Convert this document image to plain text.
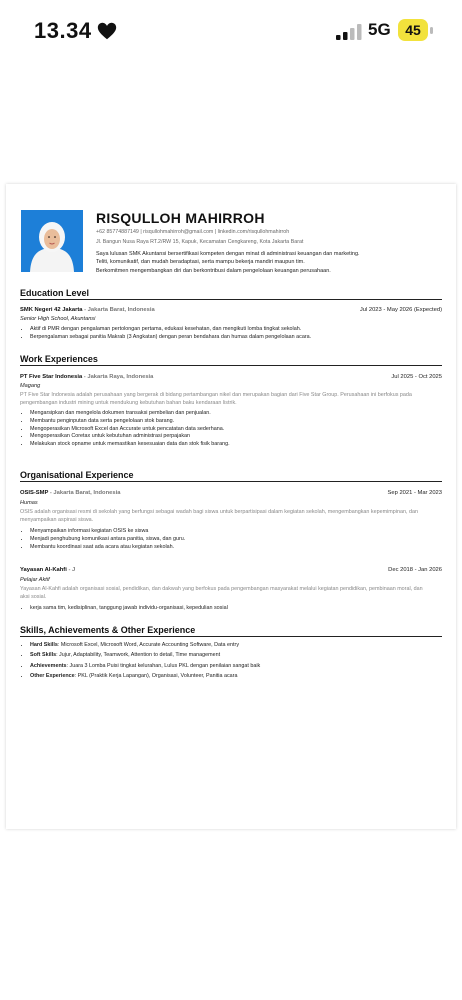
13.34	5G	45
RISQULLOH MAHIRROH
+62 85774887149 | risqullohmahirroh@gmail.com | linkedin.com/risqullohmahirroh
Jl. Bangun Nusa Raya RT.2/RW 15, Kapuk, Kecamatan Cengkareng, Kota Jakarta Barat
Saya lulusan SMK Akuntansi bersertifikasi kompeten dengan minat di administrasi keuangan dan marketing.
Teliti, komunikatif, dan mudah beradaptasi, serta mampu bekerja mandiri maupun tim.
Berkomitmen mengembangkan diri dan berkontribusi dalam pengelolaan keuangan perusahaan.
Education Level
SMK Negeri 42 Jakarta - Jakarta Barat, Indonesia	Jul 2023 - May 2026 (Expected)
Senior High School, Akuntansi
• Aktif di PMR dengan pengalaman pertolongan pertama, edukasi kesehatan, dan mengikuti lomba tingkat sekolah.
• Berpengalaman sebagai panitia Makrab (3 Angkatan) dengan peran bendahara dan humas dalam pengelolaan acara.
Work Experiences
PT Five Star Indonesia - Jakarta Raya, Indonesia	Jul 2025 - Oct 2025
Magang
PT Five Star Indonesia adalah perusahaan yang bergerak di bidang pertambangan nikel dan merupakan bagian dari Five Star Group. Perusahaan ini berfokus pada pengembangan industri mining untuk mendukung kebutuhan bahan baku kendaraan listrik.
• Mengarsipkan dan mengelola dokumen transaksi pembelian dan penjualan.
• Membantu penginputan data serta pengelolaan stok barang.
• Mengoperasikan Microsoft Excel dan Accurate untuk pencatatan data sederhana.
• Mengoperasikan Coretax untuk kebutuhan administrasi perpajakan
• Melakukan stock opname untuk memastikan kesesuaian data dan stok fisik barang.
Organisational Experience
OSIS-SMP - Jakarta Barat, Indonesia	Sep 2021 - Mar 2023
Humas
OSIS adalah organisasi resmi di sekolah yang berfungsi sebagai wadah bagi siswa untuk berpartisipasi dalam kegiatan sekolah, mengembangkan kepemimpinan, dan menyampaikan aspirasi siswa.
• Menyampaikan informasi kegiatan OSIS ke siswa
• Menjadi penghubung komunikasi antara panitia, siswa, dan guru.
• Membantu koordinasi saat ada acara atau kegiatan sekolah.
Yayasan Al-Kahfi - J	Dec 2018 - Jan 2026
Pelajar Aktif
Yayasan Al-Kahfi adalah organisasi sosial, pendidikan, dan dakwah yang berfokus pada pengembangan masyarakat melalui kegiatan pendidikan, pembinaan moral, dan aksi sosial.
• kerja sama tim, kedisiplinan, tanggung jawab individu-organisasi, kepedulian sosial
Skills, Achievements & Other Experience
• Hard Skills: Microsoft Excel, Microsoft Word, Accurate Accounting Software, Data entry
• Soft Skills: Jujur, Adaptability, Teamwork, Attention to detail, Time management
• Achievements: Juara 3 Lomba Puisi tingkat kelurahan, Lulus PKL dengan penilaian sangat baik
• Other Experience: PKL (Praktik Kerja Lapangan), Organisasi, Volunteer, Panitia acara
